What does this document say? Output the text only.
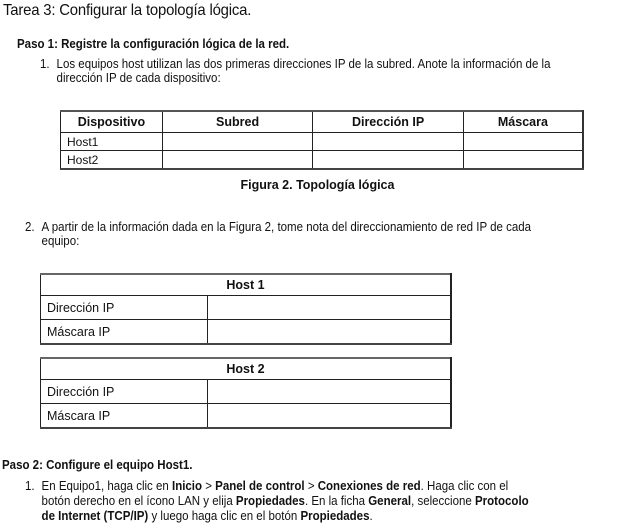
Tarea 3: Configurar la topología lógica.
Paso 1: Registre la configuración lógica de la red.
1. Los equipos host utilizan las dos primeras direcciones IP de la subred. Anote la información de la
dirección IP de cada dispositivo:
Dispositivo	Subred	Dirección IP	Máscara
Host1			
Host2			
Figura 2. Topología lógica
2. A partir de la información dada en la Figura 2, tome nota del direccionamiento de red IP de cada
equipo:
Host 1	
Dirección IP	
Máscara IP	
Host 2	
Dirección IP	
Máscara IP	
Paso 2: Configure el equipo Host1.
1. En Equipo1, haga clic en Inicio > Panel de control > Conexiones de red. Haga clic con el
botón derecho en el ícono LAN y elija Propiedades. En la ficha General, seleccione Protocolo
de Internet (TCP/IP) y luego haga clic en el botón Propiedades.
